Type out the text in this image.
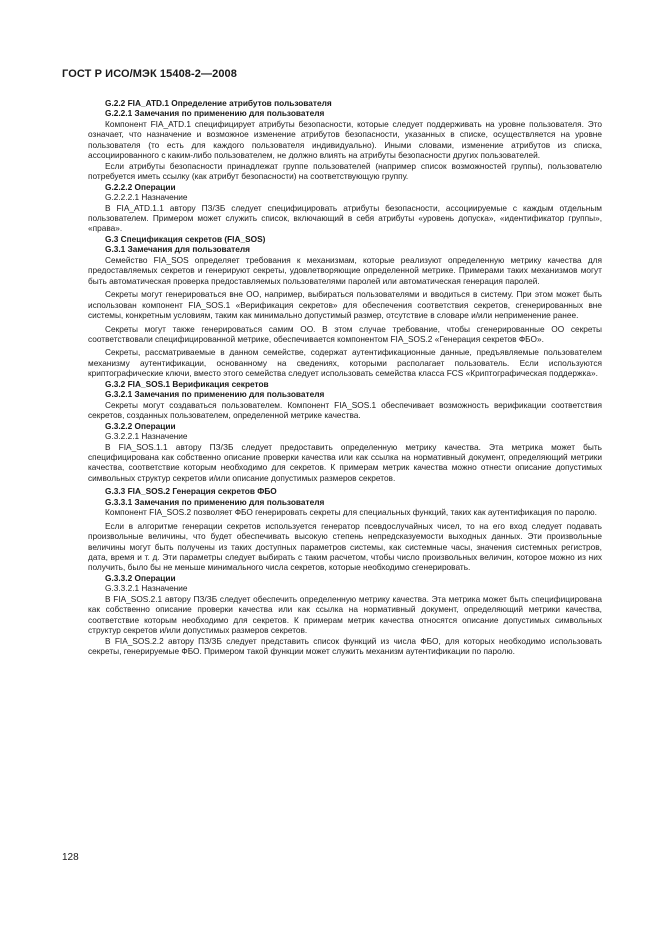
ГОСТ Р ИСО/МЭК 15408-2—2008

G.2.2 FIA_ATD.1 Определение атрибутов пользователя

G.2.2.1 Замечания по применению для пользователя

Компонент FIA_ATD.1 специфицирует атрибуты безопасности, которые следует поддерживать на уровне пользователя. Это означает, что назначение и возможное изменение атрибутов безопасности, указанных в списке, осуществляется на уровне пользователя (то есть для каждого пользователя индивидуально). Иными словами, изменение атрибутов из списка, ассоциированного с каким-либо пользователем, не должно влиять на атрибуты безопасности других пользователей.

Если атрибуты безопасности принадлежат группе пользователей (например список возможностей группы), пользователю потребуется иметь ссылку (как атрибут безопасности) на соответствующую группу.

G.2.2.2 Операции

G.2.2.2.1 Назначение

В FIA_ATD.1.1 автору ПЗ/ЗБ следует специфицировать атрибуты безопасности, ассоциируемые с каждым отдельным пользователем. Примером может служить список, включающий в себя атрибуты «уровень допуска», «идентификатор группы», «права».

G.3 Спецификация секретов (FIA_SOS)

G.3.1 Замечания для пользователя

Семейство FIA_SOS определяет требования к механизмам, которые реализуют определенную метрику качества для предоставляемых секретов и генерируют секреты, удовлетворяющие определенной метрике. Примерами таких механизмов могут быть автоматическая проверка предоставляемых пользователями паролей или автоматическая генерация паролей.

Секреты могут генерироваться вне ОО, например, выбираться пользователями и вводиться в систему. При этом может быть использован компонент FIA_SOS.1 «Верификация секретов» для обеспечения соответствия секретов, сгенерированных вне системы, конкретным условиям, таким как минимально допустимый размер, отсутствие в словаре и/или неприменение ранее.

Секреты могут также генерироваться самим ОО. В этом случае требование, чтобы сгенерированные ОО секреты соответствовали специфицированной метрике, обеспечивается компонентом FIA_SOS.2 «Генерация секретов ФБО».

Секреты, рассматриваемые в данном семействе, содержат аутентификационные данные, предъявляемые пользователем механизму аутентификации, основанному на сведениях, которыми располагает пользователь. Если используются криптографические ключи, вместо этого семейства следует использовать семейства класса FCS «Криптографическая поддержка».

G.3.2 FIA_SOS.1 Верификация секретов

G.3.2.1 Замечания по применению для пользователя

Секреты могут создаваться пользователем. Компонент FIA_SOS.1 обеспечивает возможность верификации соответствия секретов, созданных пользователем, определенной метрике качества.

G.3.2.2 Операции

G.3.2.2.1 Назначение

В FIA_SOS.1.1 автору ПЗ/ЗБ следует предоставить определенную метрику качества. Эта метрика может быть специфицирована как собственно описание проверки качества или как ссылка на нормативный документ, определяющий метрики качества, соответствие которым необходимо для секретов. К примерам метрик качества можно отнести описание допустимых символьных структур секретов и/или описание допустимых размеров секретов.

G.3.3 FIA_SOS.2 Генерация секретов ФБО

G.3.3.1 Замечания по применению для пользователя

Компонент FIA_SOS.2 позволяет ФБО генерировать секреты для специальных функций, таких как аутентификация по паролю.

Если в алгоритме генерации секретов используется генератор псевдослучайных чисел, то на его вход следует подавать произвольные величины, что будет обеспечивать высокую степень непредсказуемости выходных данных. Эти произвольные величины могут быть получены из таких доступных параметров системы, как системные часы, значения системных регистров, дата, время и т. д. Эти параметры следует выбирать с таким расчетом, чтобы число произвольных величин, которое можно из них получить, было бы не меньше минимального числа секретов, которые необходимо сгенерировать.

G.3.3.2 Операции

G.3.3.2.1 Назначение

В FIA_SOS.2.1 автору ПЗ/ЗБ следует обеспечить определенную метрику качества. Эта метрика может быть специфицирована как собственно описание проверки качества или как ссылка на нормативный документ, определяющий метрики качества, соответствие которым необходимо для секретов. К примерам метрик качества относятся описание допустимых символьных структур секретов и/или допустимых размеров секретов.

В FIA_SOS.2.2 автору ПЗ/ЗБ следует представить список функций из числа ФБО, для которых необходимо использовать секреты, генерируемые ФБО. Примером такой функции может служить механизм аутентификации по паролю.

128
